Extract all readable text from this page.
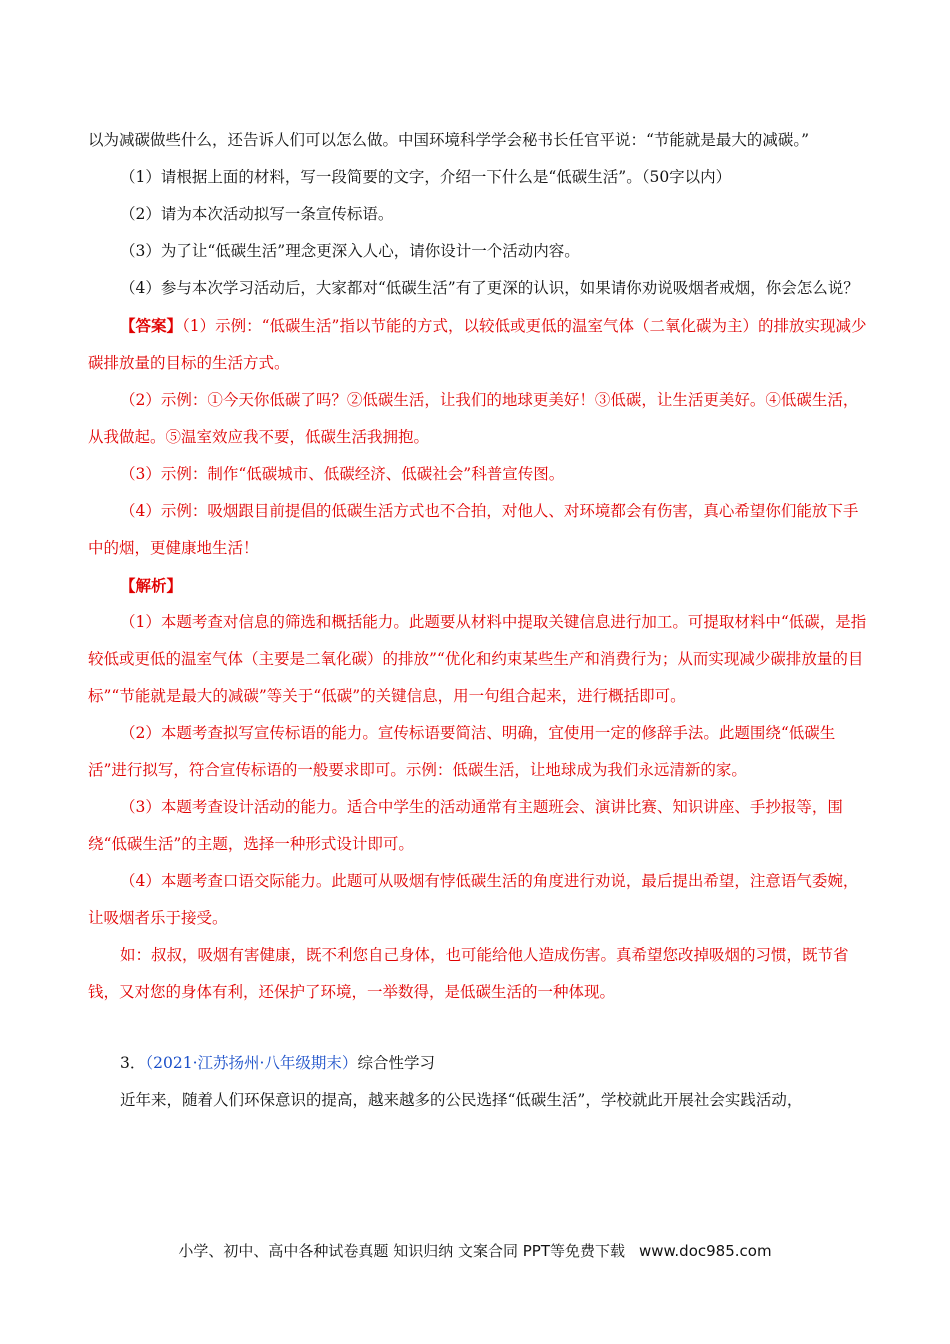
以为减碳做些什么，还告诉人们可以怎么做。中国环境科学学会秘书长任官平说：“节能就是最大的减碳。”

（1）请根据上面的材料，写一段简要的文字，介绍一下什么是“低碳生活”。（50字以内）

（2）请为本次活动拟写一条宣传标语。

（3）为了让“低碳生活”理念更深入人心，请你设计一个活动内容。

（4）参与本次学习活动后，大家都对“低碳生活”有了更深的认识，如果请你劝说吸烟者戒烟，你会怎么说？

【答案】（1）示例：“低碳生活”指以节能的方式，以较低或更低的温室气体（二氧化碳为主）的排放实现减少碳排放量的目标的生活方式。

（2）示例：①今天你低碳了吗？②低碳生活，让我们的地球更美好！③低碳，让生活更美好。④低碳生活，从我做起。⑤温室效应我不要，低碳生活我拥抱。

（3）示例：制作“低碳城市、低碳经济、低碳社会”科普宣传图。

（4）示例：吸烟跟目前提倡的低碳生活方式也不合拍，对他人、对环境都会有伤害，真心希望你们能放下手中的烟，更健康地生活！

【解析】

（1）本题考查对信息的筛选和概括能力。此题要从材料中提取关键信息进行加工。可提取材料中“低碳，是指较低或更低的温室气体（主要是二氧化碳）的排放”“优化和约束某些生产和消费行为；从而实现减少碳排放量的目标”“节能就是最大的减碳”等关于“低碳”的关键信息，用一句组合起来，进行概括即可。

（2）本题考查拟写宣传标语的能力。宣传标语要简洁、明确，宜使用一定的修辞手法。此题围绕“低碳生活”进行拟写，符合宣传标语的一般要求即可。示例：低碳生活，让地球成为我们永远清新的家。

（3）本题考查设计活动的能力。适合中学生的活动通常有主题班会、演讲比赛、知识讲座、手抄报等，围绕“低碳生活”的主题，选择一种形式设计即可。

（4）本题考查口语交际能力。此题可从吸烟有悖低碳生活的角度进行劝说，最后提出希望，注意语气委婉，让吸烟者乐于接受。

如：叔叔，吸烟有害健康，既不利您自己身体，也可能给他人造成伤害。真希望您改掉吸烟的习惯，既节省钱，又对您的身体有利，还保护了环境，一举数得，是低碳生活的一种体现。

3．（2021·江苏扬州·八年级期末）综合性学习

近年来，随着人们环保意识的提高，越来越多的公民选择“低碳生活”，学校就此开展社会实践活动，

小学、初中、高中各种试卷真题 知识归纳 文案合同 PPT等免费下载 www.doc985.com
